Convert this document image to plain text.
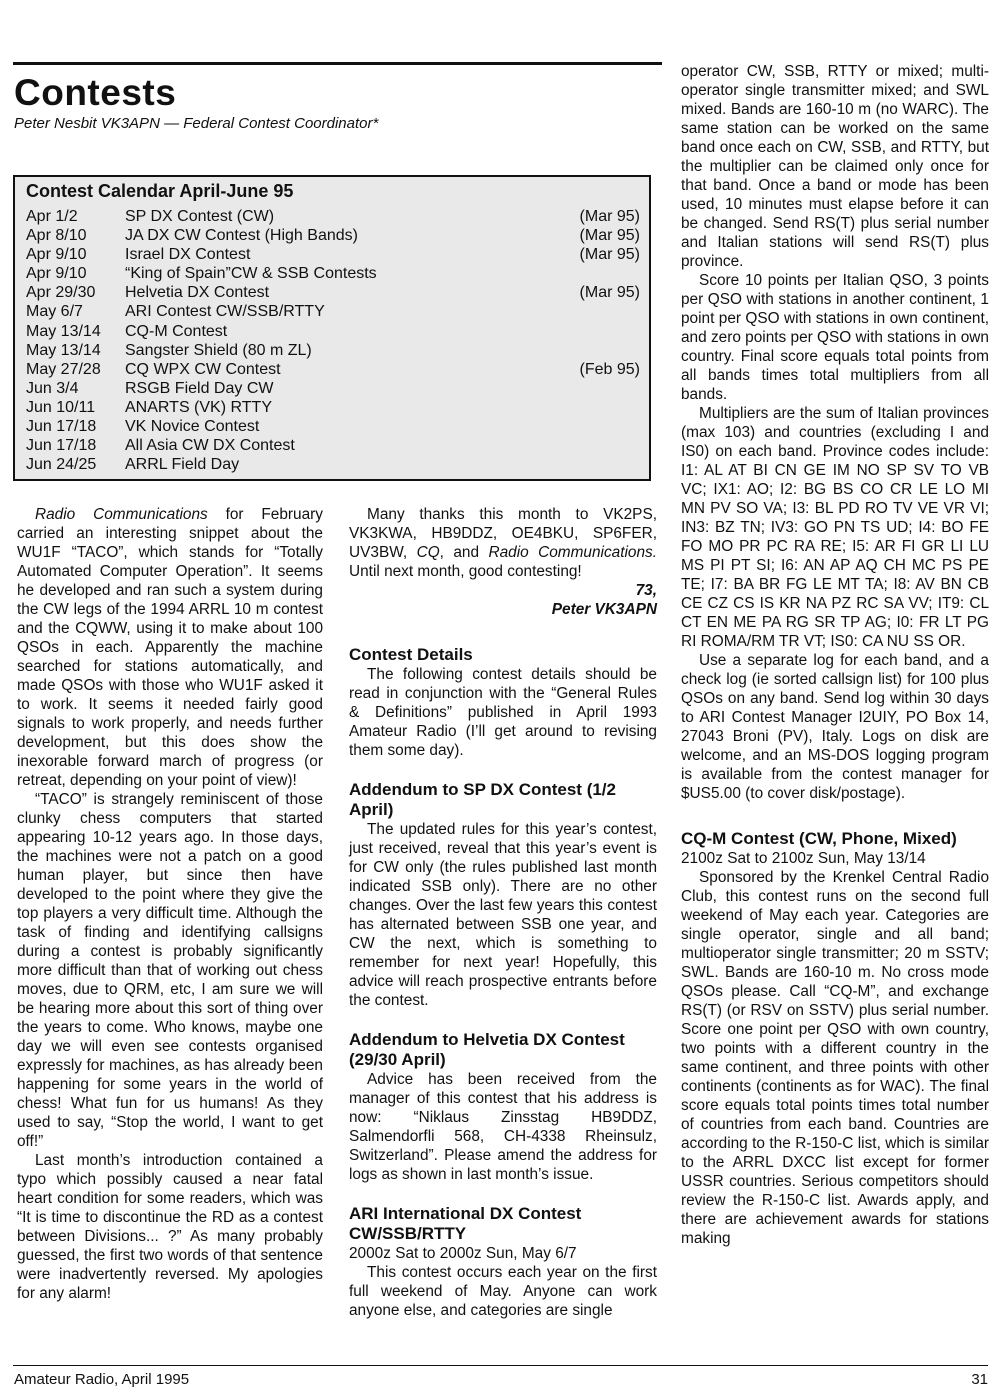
Contests
Peter Nesbit VK3APN — Federal Contest Coordinator*
Contest Calendar April-June 95
Apr 1/2	SP DX Contest (CW)	(Mar 95)
Apr 8/10 JA DX CW Contest (High Bands)	(Mar 95)
Apr 9/10 Israel DX Contest	(Mar 95)
Apr 9/10 “King of Spain”CW & SSB Contests
Apr 29/30 Helvetia DX Contest	(Mar 95)
May 6/7	ARI Contest CW/SSB/RTTY
May 13/14 CQ-M Contest
May 13/14 Sangster Shield (80 m ZL)
May 27/28 CQ WPX CW Contest	(Feb 95)
Jun 3/4	RSGB Field Day CW
Jun 10/11 ANARTS (VK) RTTY
Jun 17/18 VK Novice Contest
Jun 17/18 All Asia CW DX Contest
Jun 24/25 ARRL Field Day

Radio Communications for February carried an interesting snippet about the WU1F “TACO”, which stands for “Totally Automated Computer Operation”. It seems he developed and ran such a system during the CW legs of the 1994 ARRL 10 m contest and the CQWW, using it to make about 100 QSOs in each. Apparently the machine searched for stations automatically, and made QSOs with those who WU1F asked it to work. It seems it needed fairly good signals to work properly, and needs further development, but this does show the inexorable forward march of progress (or retreat, depending on your point of view)!

“TACO” is strangely reminiscent of those clunky chess computers that started appearing 10-12 years ago. In those days, the machines were not a patch on a good human player, but since then have developed to the point where they give the top players a very difficult time. Although the task of finding and identifying callsigns during a contest is probably significantly more difficult than that of working out chess moves, due to QRM, etc, I am sure we will be hearing more about this sort of thing over the years to come. Who knows, maybe one day we will even see contests organised expressly for machines, as has already been happening for some years in the world of chess! What fun for us humans! As they used to say, “Stop the world, I want to get off!”

Last month’s introduction contained a typo which possibly caused a near fatal heart condition for some readers, which was “It is time to discontinue the RD as a contest between Divisions... ?” As many probably guessed, the first two words of that sentence were inadvertently reversed. My apologies for any alarm!

Many thanks this month to VK2PS, VK3KWA, HB9DDZ, OE4BKU, SP6FER, UV3BW, CQ, and Radio Communications. Until next month, good contesting!

73,
Peter VK3APN
Contest Details

The following contest details should be read in conjunction with the “General Rules & Definitions” published in April 1993 Amateur Radio (I’ll get around to revising them some day).

Addendum to SP DX Contest (1/2 April)

The updated rules for this year’s contest, just received, reveal that this year’s event is for CW only (the rules published last month indicated SSB only). There are no other changes. Over the last few years this contest has alternated between SSB one year, and CW the next, which is something to remember for next year! Hopefully, this advice will reach prospective entrants before the contest.

Addendum to Helvetia DX Contest (29/30 April)

Advice has been received from the manager of this contest that his address is now: “Niklaus Zinsstag HB9DDZ, Salmendorfli 568, CH-4338 Rheinsulz, Switzerland”. Please amend the address for logs as shown in last month’s issue.

ARI International DX Contest CW/SSB/RTTY

2000z Sat to 2000z Sun, May 6/7

This contest occurs each year on the first full weekend of May. Anyone can work anyone else, and categories are single

operator CW, SSB, RTTY or mixed; multi-operator single transmitter mixed; and SWL mixed. Bands are 160-10 m (no WARC). The same station can be worked on the same band once each on CW, SSB, and RTTY, but the multiplier can be claimed only once for that band. Once a band or mode has been used, 10 minutes must elapse before it can be changed. Send RS(T) plus serial number and Italian stations will send RS(T) plus province.

Score 10 points per Italian QSO, 3 points per QSO with stations in another continent, 1 point per QSO with stations in own continent, and zero points per QSO with stations in own country. Final score equals total points from all bands times total multipliers from all bands.

Multipliers are the sum of Italian provinces (max 103) and countries (excluding I and IS0) on each band. Province codes include: I1: AL AT BI CN GE IM NO SP SV TO VB VC; IX1: AO; I2: BG BS CO CR LE LO MI MN PV SO VA; I3: BL PD RO TV VE VR VI; IN3: BZ TN; IV3: GO PN TS UD; I4: BO FE FO MO PR PC RA RE; I5: AR FI GR LI LU MS PI PT SI; I6: AN AP AQ CH MC PS PE TE; I7: BA BR FG LE MT TA; I8: AV BN CB CE CZ CS IS KR NA PZ RC SA VV; IT9: CL CT EN ME PA RG SR TP AG; I0: FR LT PG RI ROMA/RM TR VT; IS0: CA NU SS OR.

Use a separate log for each band, and a check log (ie sorted callsign list) for 100 plus QSOs on any band. Send log within 30 days to ARI Contest Manager I2UIY, PO Box 14, 27043 Broni (PV), Italy. Logs on disk are welcome, and an MS-DOS logging program is available from the contest manager for $US5.00 (to cover disk/postage).

CQ-M Contest (CW, Phone, Mixed)

2100z Sat to 2100z Sun, May 13/14

Sponsored by the Krenkel Central Radio Club, this contest runs on the second full weekend of May each year. Categories are single operator, single and all band; multioperator single transmitter; 20 m SSTV; SWL. Bands are 160-10 m. No cross mode QSOs please. Call “CQ-M”, and exchange RS(T) (or RSV on SSTV) plus serial number. Score one point per QSO with own country, two points with a different country in the same continent, and three points with other continents (continents as for WAC). The final score equals total points times total number of countries from each band. Countries are according to the R-150-C list, which is similar to the ARRL DXCC list except for former USSR countries. Serious competitors should review the R-150-C list. Awards apply, and there are achievement awards for stations making

Amateur Radio, April 1995	31
